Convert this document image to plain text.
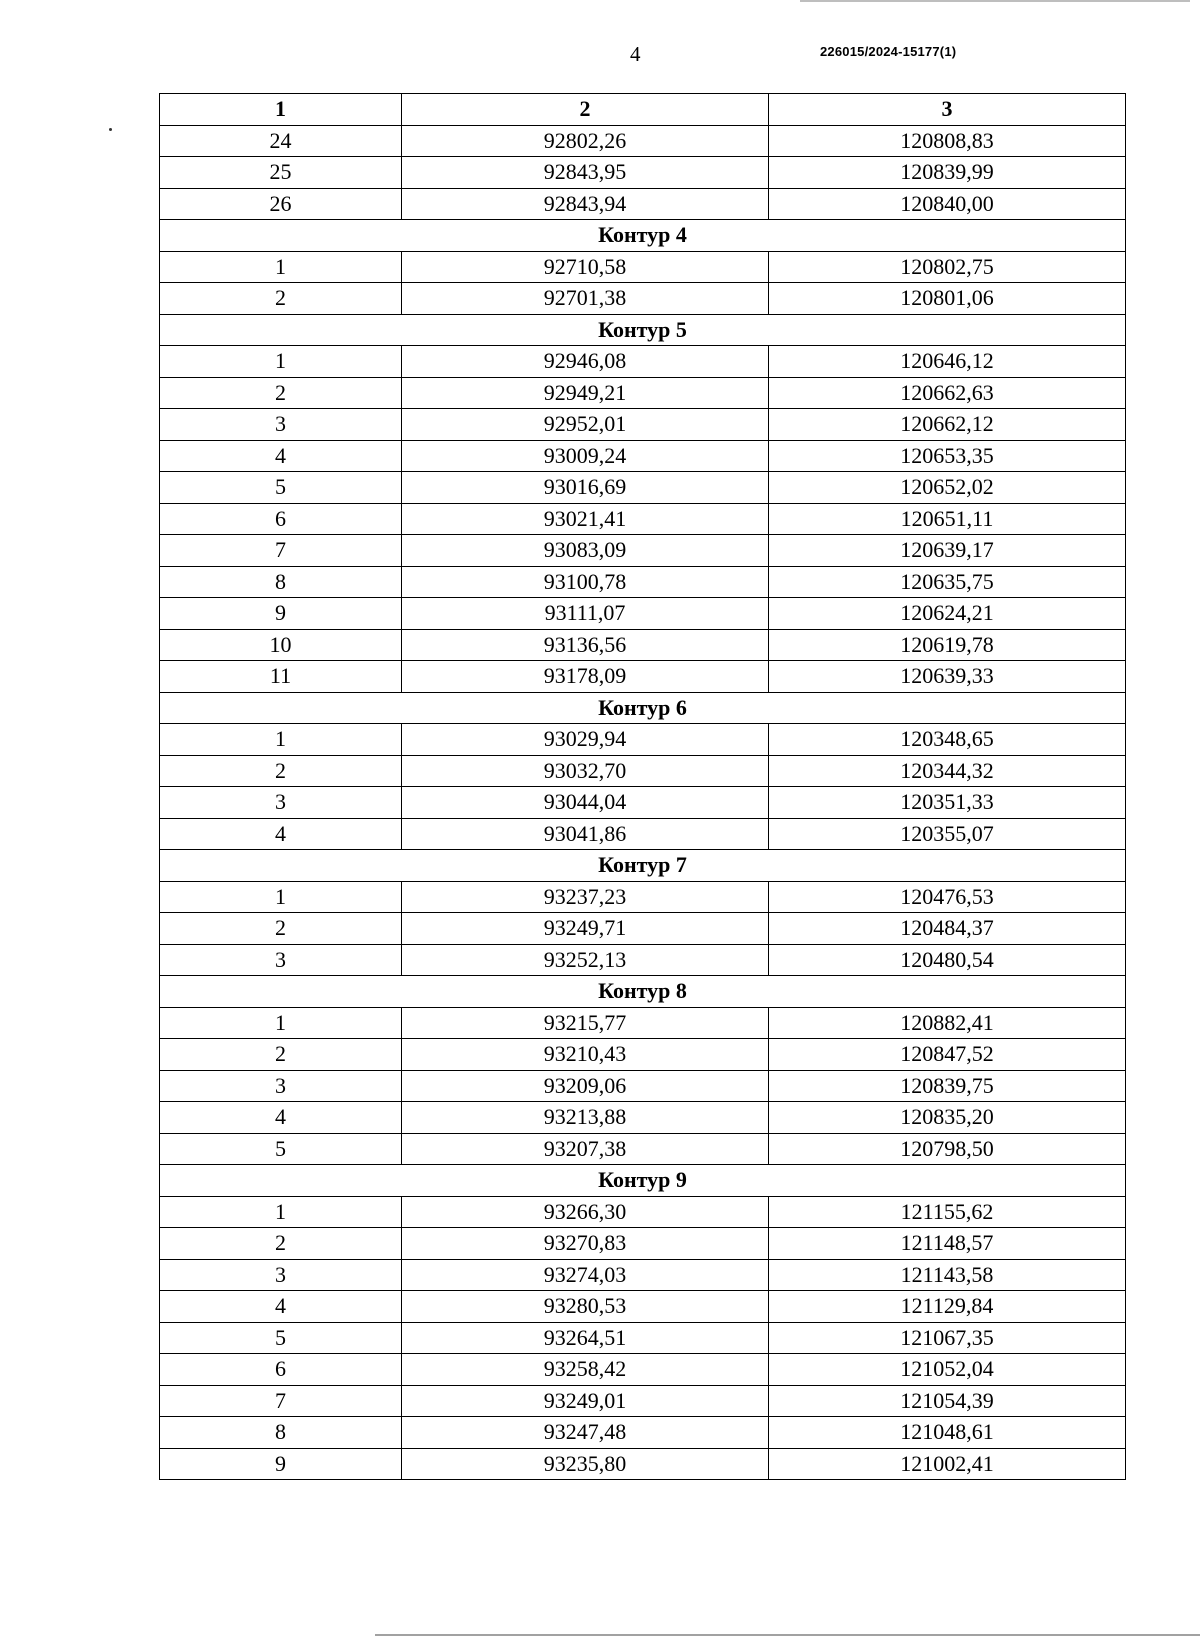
4	226015/2024-15177(1)
1	2	3
24	92802,26	120808,83
25	92843,95	120839,99
26	92843,94	120840,00
Контур 4		
1	92710,58	120802,75
2	92701,38	120801,06
Контур 5		
1	92946,08	120646,12
2	92949,21	120662,63
3	92952,01	120662,12
4	93009,24	120653,35
5	93016,69	120652,02
6	93021,41	120651,11
7	93083,09	120639,17
8	93100,78	120635,75
9	93111,07	120624,21
10	93136,56	120619,78
11	93178,09	120639,33
Контур 6		
1	93029,94	120348,65
2	93032,70	120344,32
3	93044,04	120351,33
4	93041,86	120355,07
Контур 7		
1	93237,23	120476,53
2	93249,71	120484,37
3	93252,13	120480,54
Контур 8		
1	93215,77	120882,41
2	93210,43	120847,52
3	93209,06	120839,75
4	93213,88	120835,20
5	93207,38	120798,50
Контур 9		
1	93266,30	121155,62
2	93270,83	121148,57
3	93274,03	121143,58
4	93280,53	121129,84
5	93264,51	121067,35
6	93258,42	121052,04
7	93249,01	121054,39
8	93247,48	121048,61
9	93235,80	121002,41
